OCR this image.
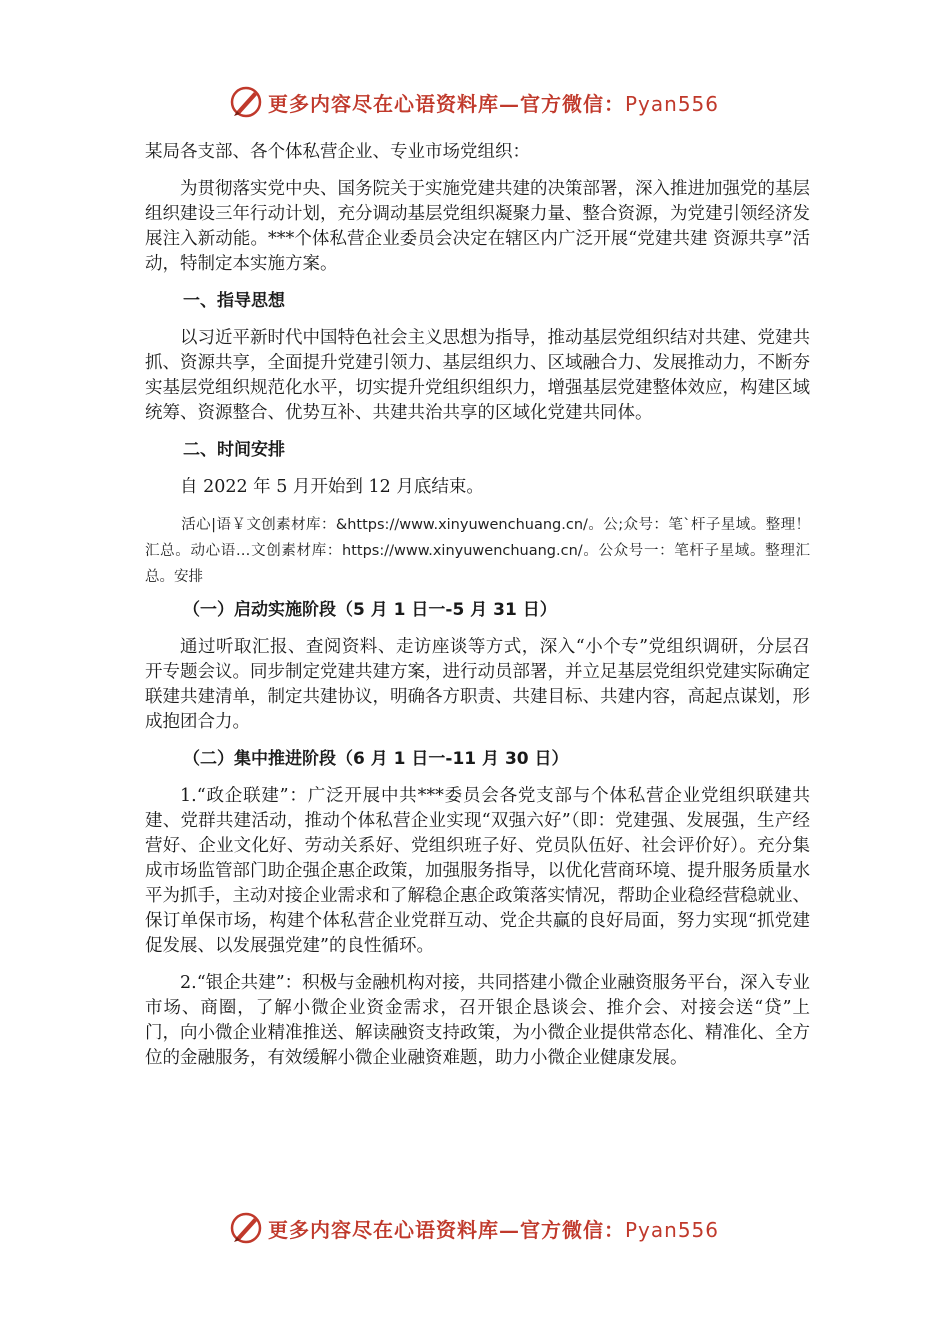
更多内容尽在心语资料库—官方微信：Pyan556

某局各支部、各个体私营企业、专业市场党组织：

为贯彻落实党中央、国务院关于实施党建共建的决策部署，深入推进加强党的基层组织建设三年行动计划，充分调动基层党组织凝聚力量、整合资源，为党建引领经济发展注入新动能。***个体私营企业委员会决定在辖区内广泛开展“党建共建 资源共享”活动，特制定本实施方案。

一、指导思想

以习近平新时代中国特色社会主义思想为指导，推动基层党组织结对共建、党建共抓、资源共享，全面提升党建引领力、基层组织力、区域融合力、发展推动力，不断夯实基层党组织规范化水平，切实提升党组织组织力，增强基层党建整体效应，构建区域统筹、资源整合、优势互补、共建共治共享的区域化党建共同体。

二、时间安排

自 2022 年 5 月开始到 12 月底结束。

活心|语￥文创素材库：&https://www.xinyuwenchuang.cn/。公;众号：笔`杆子星域。整理！汇总。动心语…文创素材库：https://www.xinyuwenchuang.cn/。公众号一：笔杆子星域。整理汇总。安排

（一）启动实施阶段（5 月 1 日一-5 月 31 日）

通过听取汇报、查阅资料、走访座谈等方式，深入“小个专”党组织调研，分层召开专题会议。同步制定党建共建方案，进行动员部署，并立足基层党组织党建实际确定联建共建清单，制定共建协议，明确各方职责、共建目标、共建内容，高起点谋划，形成抱团合力。

（二）集中推进阶段（6 月 1 日一-11 月 30 日）

1.“政企联建”：广泛开展中共***委员会各党支部与个体私营企业党组织联建共建、党群共建活动，推动个体私营企业实现“双强六好”（即：党建强、发展强，生产经营好、企业文化好、劳动关系好、党组织班子好、党员队伍好、社会评价好）。充分集成市场监管部门助企强企惠企政策，加强服务指导，以优化营商环境、提升服务质量水平为抓手，主动对接企业需求和了解稳企惠企政策落实情况，帮助企业稳经营稳就业、保订单保市场，构建个体私营企业党群互动、党企共赢的良好局面，努力实现“抓党建促发展、以发展强党建”的良性循环。

2.“银企共建”：积极与金融机构对接，共同搭建小微企业融资服务平台，深入专业市场、商圈，了解小微企业资金需求，召开银企恳谈会、推介会、对接会送“贷”上门，向小微企业精准推送、解读融资支持政策，为小微企业提供常态化、精准化、全方位的金融服务，有效缓解小微企业融资难题，助力小微企业健康发展。

更多内容尽在心语资料库—官方微信：Pyan556
